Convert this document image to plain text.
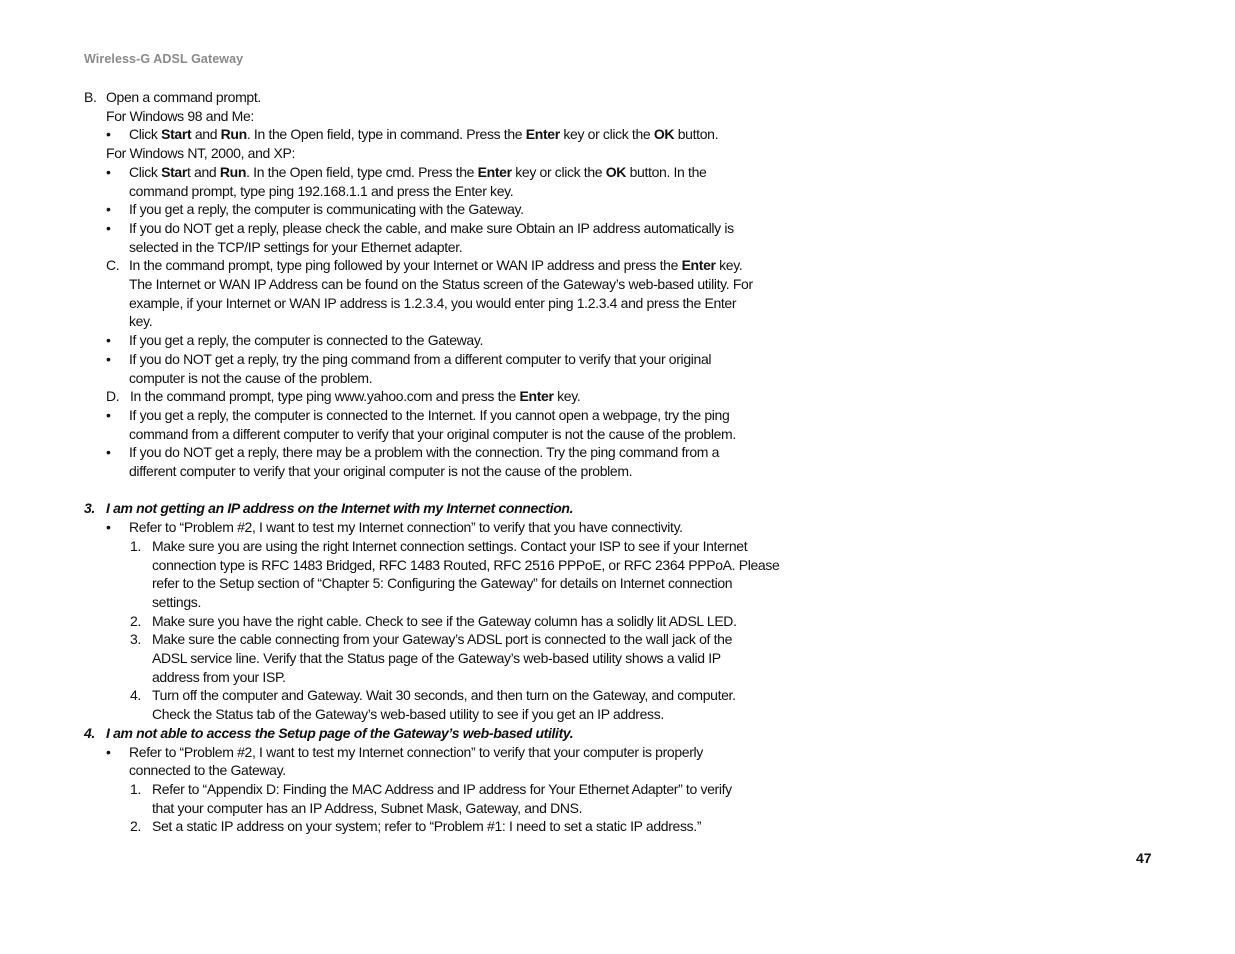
Wireless-G ADSL Gateway
B. Open a command prompt.
For Windows 98 and Me:
• Click Start and Run. In the Open field, type in command. Press the Enter key or click the OK button.
For Windows NT, 2000, and XP:
• Click Start and Run. In the Open field, type cmd. Press the Enter key or click the OK button. In the
command prompt, type ping 192.168.1.1 and press the Enter key.
• If you get a reply, the computer is communicating with the Gateway.
• If you do NOT get a reply, please check the cable, and make sure Obtain an IP address automatically is
selected in the TCP/IP settings for your Ethernet adapter.
C. In the command prompt, type ping followed by your Internet or WAN IP address and press the Enter key.
The Internet or WAN IP Address can be found on the Status screen of the Gateway’s web-based utility. For
example, if your Internet or WAN IP address is 1.2.3.4, you would enter ping 1.2.3.4 and press the Enter
key.
• If you get a reply, the computer is connected to the Gateway.
• If you do NOT get a reply, try the ping command from a different computer to verify that your original
computer is not the cause of the problem.
D. In the command prompt, type ping www.yahoo.com and press the Enter key.
• If you get a reply, the computer is connected to the Internet. If you cannot open a webpage, try the ping
command from a different computer to verify that your original computer is not the cause of the problem.
• If you do NOT get a reply, there may be a problem with the connection. Try the ping command from a
different computer to verify that your original computer is not the cause of the problem.
3. I am not getting an IP address on the Internet with my Internet connection.
• Refer to “Problem #2, I want to test my Internet connection” to verify that you have connectivity.
1. Make sure you are using the right Internet connection settings. Contact your ISP to see if your Internet
connection type is RFC 1483 Bridged, RFC 1483 Routed, RFC 2516 PPPoE, or RFC 2364 PPPoA. Please
refer to the Setup section of “Chapter 5: Configuring the Gateway” for details on Internet connection
settings.
2. Make sure you have the right cable. Check to see if the Gateway column has a solidly lit ADSL LED.
3. Make sure the cable connecting from your Gateway’s ADSL port is connected to the wall jack of the
ADSL service line. Verify that the Status page of the Gateway’s web-based utility shows a valid IP
address from your ISP.
4. Turn off the computer and Gateway. Wait 30 seconds, and then turn on the Gateway, and computer.
Check the Status tab of the Gateway’s web-based utility to see if you get an IP address.
4. I am not able to access the Setup page of the Gateway’s web-based utility.
• Refer to “Problem #2, I want to test my Internet connection” to verify that your computer is properly
connected to the Gateway.
1. Refer to “Appendix D: Finding the MAC Address and IP address for Your Ethernet Adapter” to verify
that your computer has an IP Address, Subnet Mask, Gateway, and DNS.
2. Set a static IP address on your system; refer to “Problem #1: I need to set a static IP address.”
47
